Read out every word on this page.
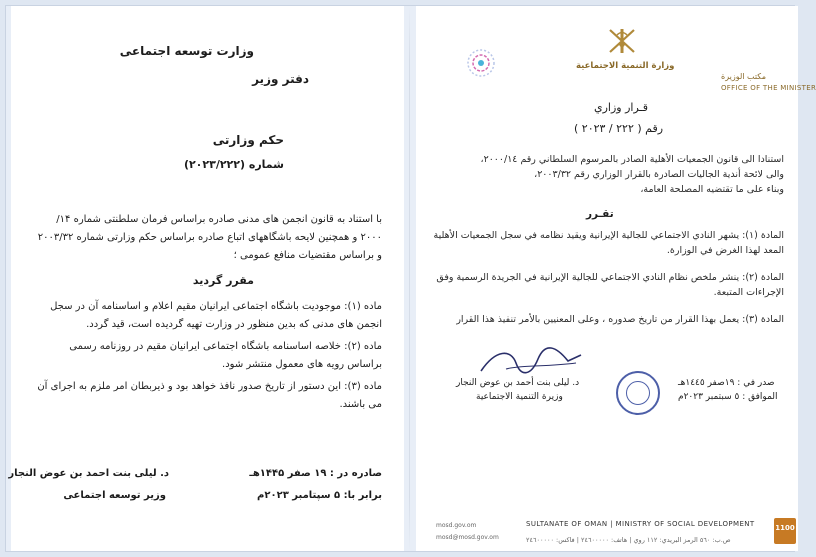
وزارت توسعه اجتماعی
دفتر وزیر
حکم وزارتی
شماره (۲۰۲۳/۲۲۲)
با استناد به قانون انجمن های مدنی صادره براساس فرمان سلطنتی شماره ۱۴/ ۲۰۰۰ و همچنین لایحه باشگاههای اتباع صادره براساس حکم وزارتی شماره ۲۰۰۳/۳۲ و براساس مقتضیات منافع عمومی ؛
مقرر گردید
ماده (۱): موجودیت باشگاه اجتماعی ایرانیان مقیم اعلام و اساسنامه آن در سجل انجمن های مدنی که بدین منظور در وزارت تهیه گردیده است، قید گردد.
ماده (۲): خلاصه اساسنامه باشگاه اجتماعی ایرانیان مقیم در روزنامه رسمی براساس رویه های معمول منتشر شود.
ماده (۳): این دستور از تاریخ صدور نافذ خواهد بود و ذیربطان امر ملزم به اجرای آن می باشند.
د. لیلی بنت احمد بن عوض النجار
وزیر توسعه اجتماعی
صادره در : ۱۹ صفر ۱۴۴۵هـ
برابر با: ۵ سپتامبر ۲۰۲۳م
وزارة التنمية الاجتماعية
مكتب الوزيرة
OFFICE OF THE MINISTER
قـرار وزاري
رقم ( ٢٢٢ / ٢٠٢٣ )
استنادا الى قانون الجمعيات الأهلية الصادر بالمرسوم السلطاني رقم ٢٠٠٠/١٤،
والى لائحة أندية الجاليات الصادرة بالقرار الوزاري رقم ٢٠٠٣/٣٢،
وبناء على ما تقتضيه المصلحة العامة،
تقـرر
المادة (١): يشهر النادي الاجتماعي للجالية الإيرانية ويقيد نظامه في سجل الجمعيات الأهلية المعد لهذا الغرض في الوزارة.
المادة (٢): ينشر ملخص نظام النادي الاجتماعي للجالية الإيرانية في الجريدة الرسمية وفق الإجراءات المتبعة.
المادة (٣): يعمل بهذا القرار من تاريخ صدوره ، وعلى المعنيين بالأمر تنفيذ هذا القرار
د. ليلى بنت أحمد بن عوض النجار
وزيرة التنمية الاجتماعية
صدر في : ١٩صفر ١٤٤٥هـ
الموافق : ٥ سبتمبر ٢٠٢٣م
mosd.gov.om
mosd@mosd.gov.om
SULTANATE OF OMAN | MINISTRY OF SOCIAL DEVELOPMENT
ص.ب: ٥٦٠ الرمز البريدي: ١١٢ روي | هاتف: ٢٤٦٠٠٠٠٠ | فاكس: ٢٤٦٠٠٠٠٠
1100
